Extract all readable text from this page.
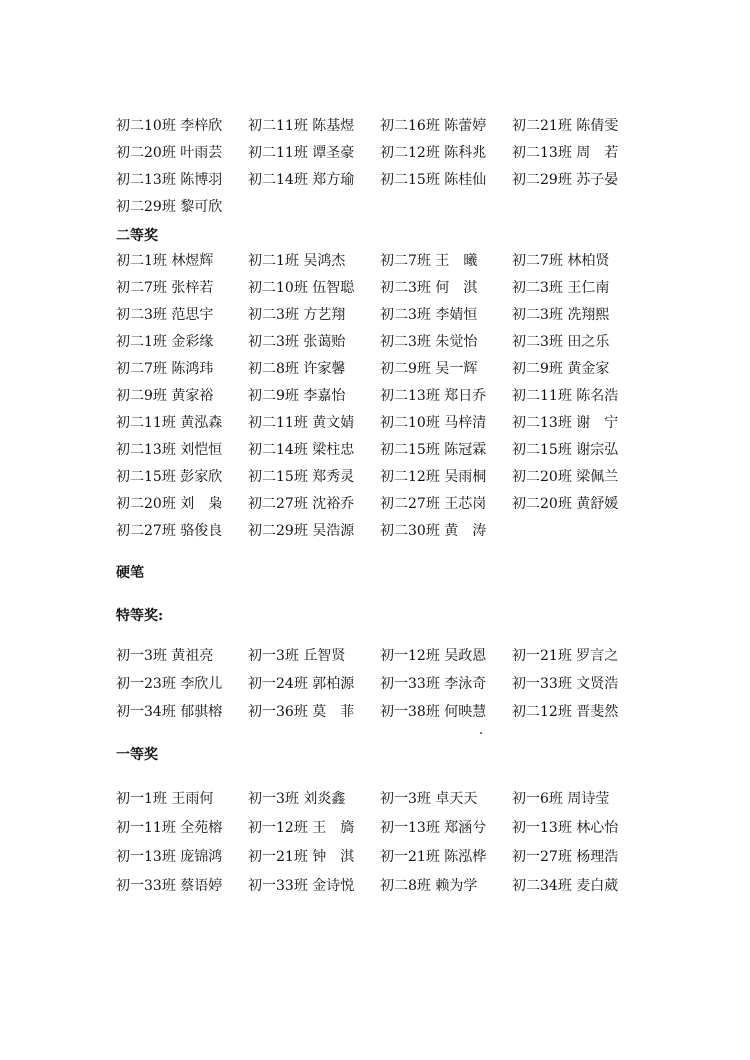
初二10班 李梓欣 初二11班 陈基煜 初二16班 陈蕾婷 初二21班 陈倩雯
初二20班 叶雨芸 初二11班 谭圣豪 初二12班 陈科兆 初二13班 周　若
初二13班 陈博羽 初二14班 郑方瑜 初二15班 陈桂仙 初二29班 苏子晏
初二29班 黎可欣
二等奖
初二1班 林煜辉 初二1班 吴鸿杰 初二7班 王　曦 初二7班 林柏贤
初二7班 张梓若 初二10班 伍智聪 初二3班 何　淇 初二3班 王仁南
初二3班 范思宇 初二3班 方艺翔 初二3班 李婧恒 初二3班 冼翔熙
初二1班 金彩缘 初二3班 张蔼贻 初二3班 朱觉怡 初二3班 田之乐
初二7班 陈鸿玮 初二8班 许家馨 初二9班 吴一辉 初二9班 黄金家
初二9班 黄家裕 初二9班 李嘉怡 初二13班 郑日乔 初二11班 陈名浩
初二11班 黄泓森 初二11班 黄文婧 初二10班 马梓清 初二13班 谢　宁
初二13班 刘恺恒 初二14班 梁柱忠 初二15班 陈冠霖 初二15班 谢宗弘
初二15班 彭家欣 初二15班 郑秀灵 初二12班 吴雨桐 初二20班 梁佩兰
初二20班 刘　枭 初二27班 沈裕乔 初二27班 王芯岗 初二20班 黄舒媛
初二27班 骆俊良 初二29班 吴浩源 初二30班 黄　涛
硬笔
特等奖:
初一3班 黄祖亮 初一3班 丘智贤 初一12班 吴政恩 初一21班 罗言之
初一23班 李欣儿 初一24班 郭柏源 初一33班 李泳奇 初一33班 文贤浩
初一34班 郁骐榕 初一36班 莫　菲 初一38班 何映慧 初二12班 晋斐然
一等奖
初一1班 王雨何 初一3班 刘炎鑫 初一3班 卓天天 初一6班 周诗莹
初一11班 全苑榕 初一12班 王　旖 初一13班 郑涵兮 初一13班 林心怡
初一13班 庞锦鸿 初一21班 钟　淇 初一21班 陈泓桦 初一27班 杨理浩
初一33班 蔡语婷 初一33班 金诗悦 初二8班 赖为学 初二34班 麦白葳
